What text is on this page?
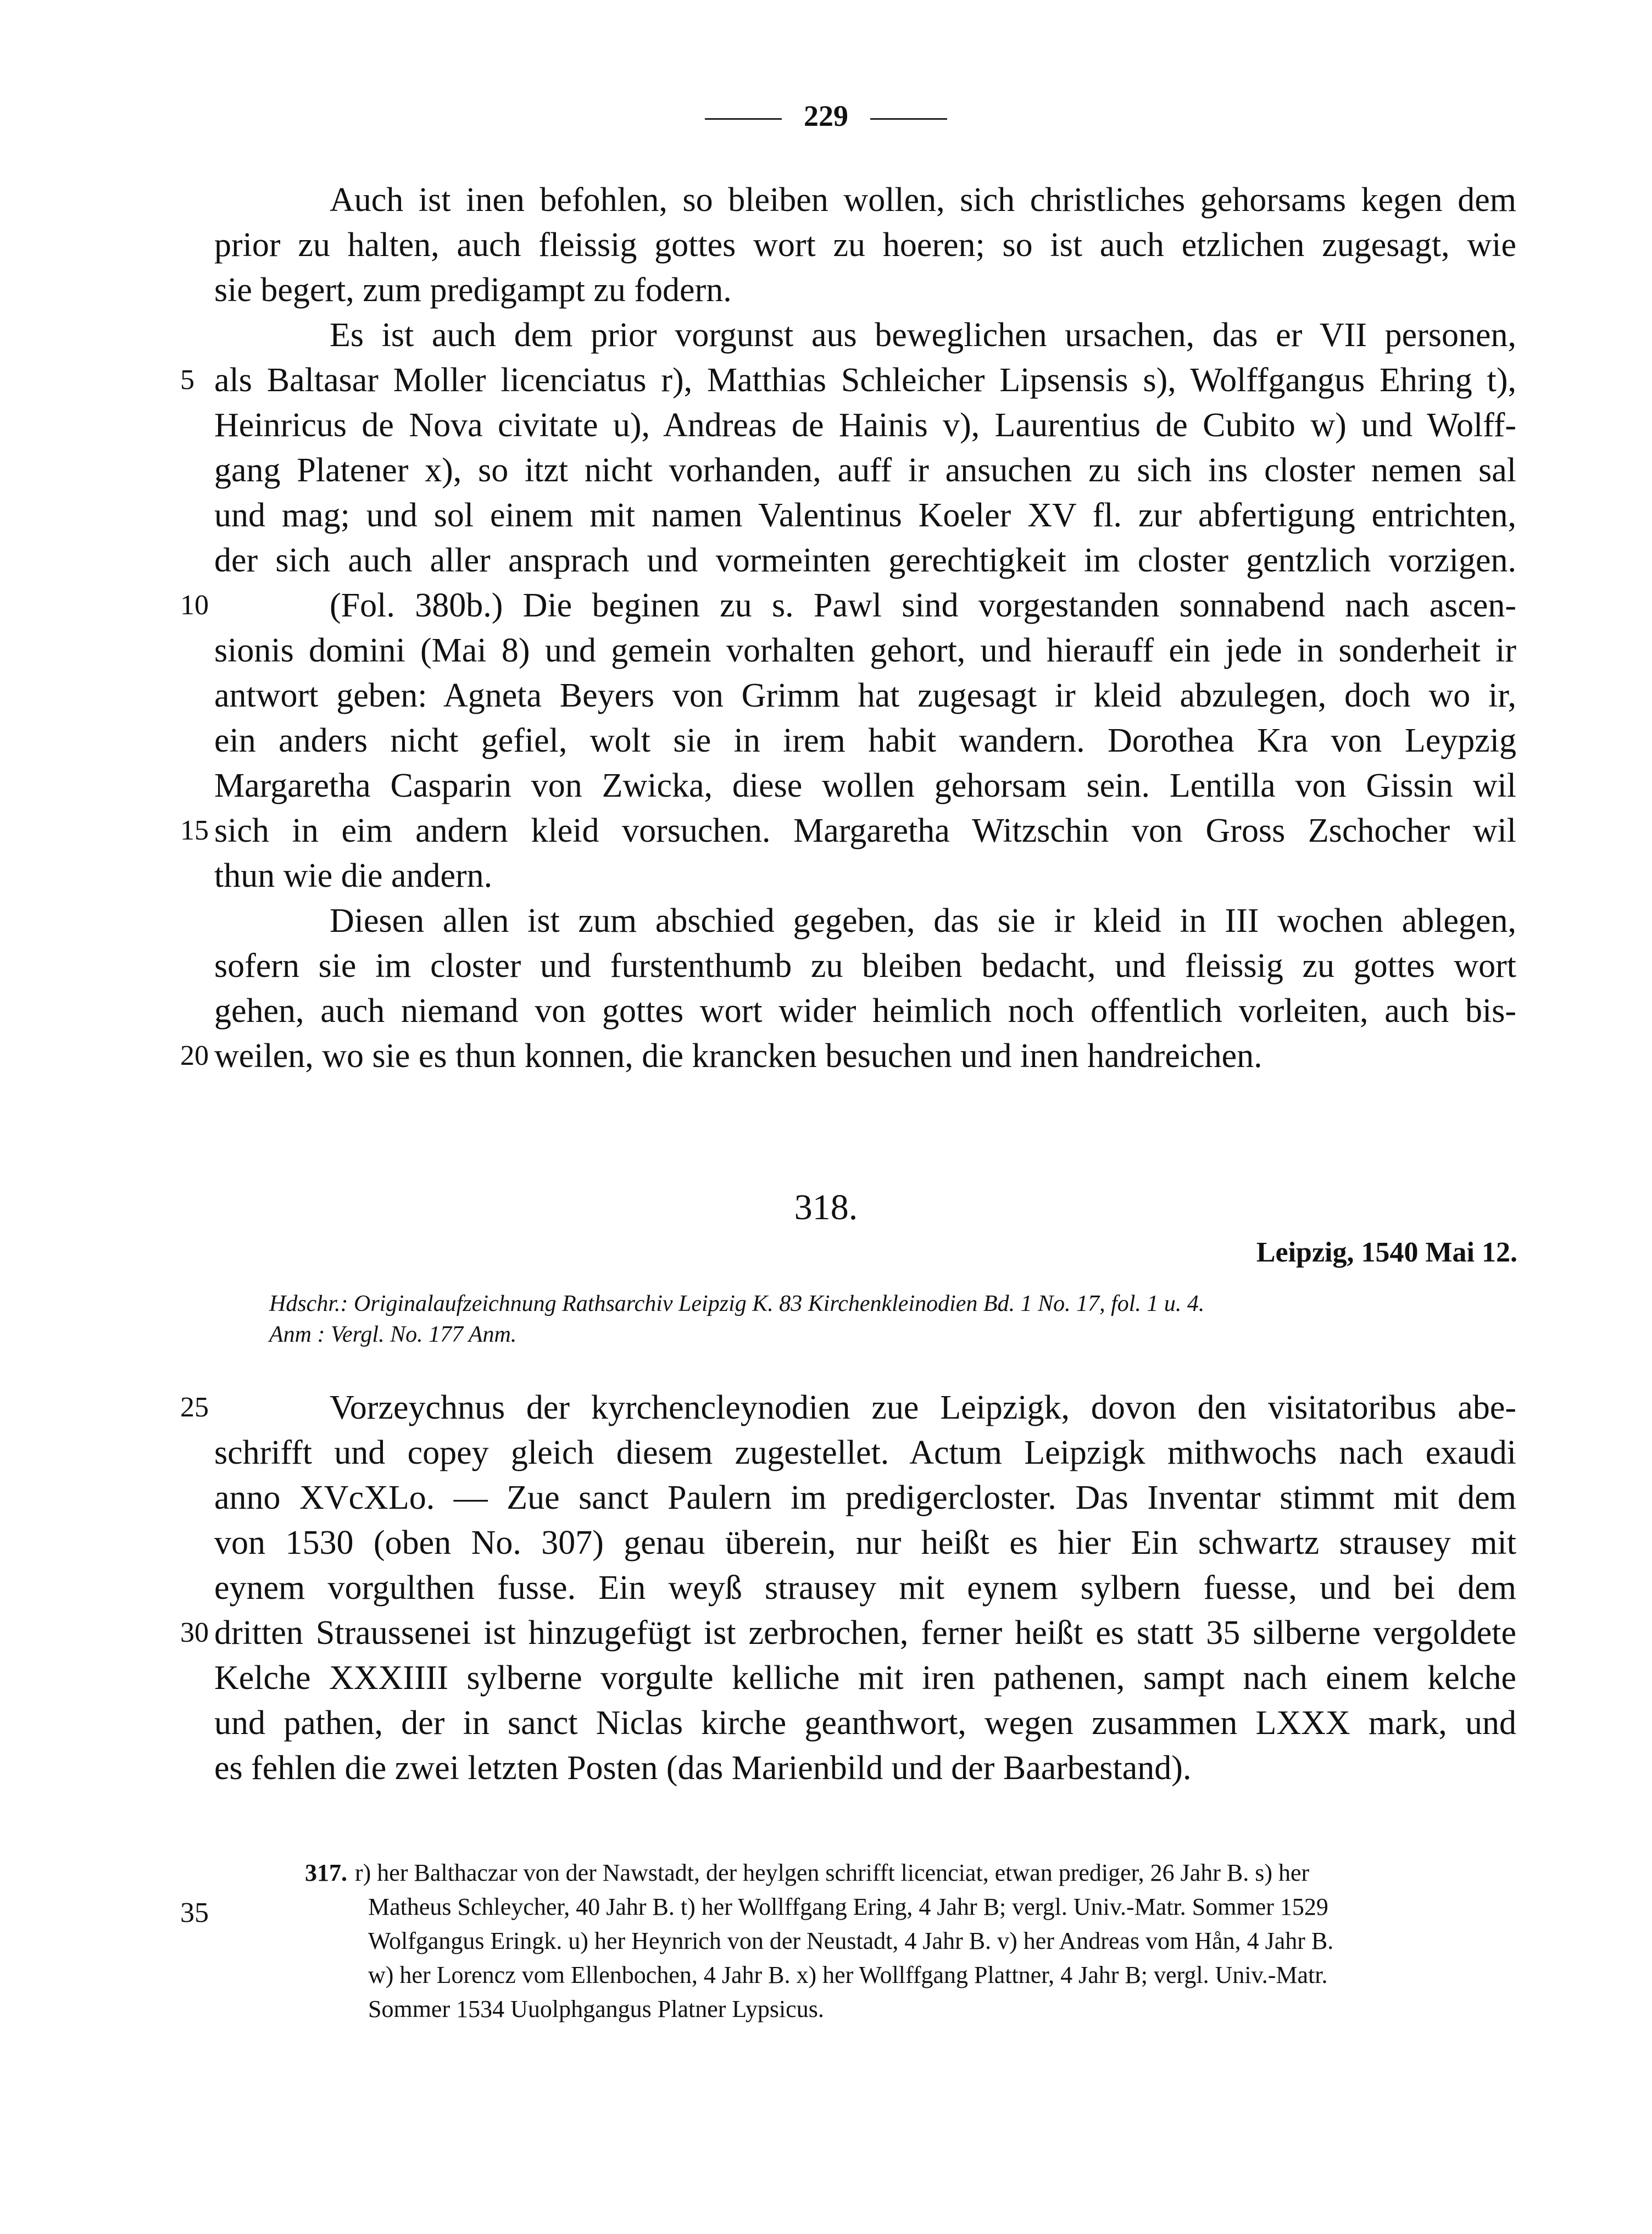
229
Auch ist inen befohlen, so bleiben wollen, sich christliches gehorsams kegen dem
prior zu halten, auch fleissig gottes wort zu hoeren; so ist auch etzlichen zugesagt, wie
sie begert, zum predigampt zu fodern.
Es ist auch dem prior vorgunst aus beweglichen ursachen, das er VII personen,
als Baltasar Moller licenciatus r), Matthias Schleicher Lipsensis s), Wolffgangus Ehring t),
Heinricus de Nova civitate u), Andreas de Hainis v), Laurentius de Cubito w) und Wolff-
gang Platener x), so itzt nicht vorhanden, auff ir ansuchen zu sich ins closter nemen sal
und mag; und sol einem mit namen Valentinus Koeler XV fl. zur abfertigung entrichten,
der sich auch aller ansprach und vormeinten gerechtigkeit im closter gentzlich vorzigen.
(Fol. 380b.) Die beginen zu s. Pawl sind vorgestanden sonnabend nach ascen-
sionis domini (Mai 8) und gemein vorhalten gehort, und hierauff ein jede in sonderheit ir
antwort geben: Agneta Beyers von Grimm hat zugesagt ir kleid abzulegen, doch wo ir,
ein anders nicht gefiel, wolt sie in irem habit wandern. Dorothea Kra von Leypzig
Margaretha Casparin von Zwicka, diese wollen gehorsam sein. Lentilla von Gissin wil
sich in eim andern kleid vorsuchen. Margaretha Witzschin von Gross Zschocher wil
thun wie die andern.
Diesen allen ist zum abschied gegeben, das sie ir kleid in III wochen ablegen,
sofern sie im closter und furstenthumb zu bleiben bedacht, und fleissig zu gottes wort
gehen, auch niemand von gottes wort wider heimlich noch offentlich vorleiten, auch bis-
weilen, wo sie es thun konnen, die krancken besuchen und inen handreichen.
5
10
15
20
25
30
35
318.
Leipzig, 1540 Mai 12.
Hdschr.: Originalaufzeichnung Rathsarchiv Leipzig K. 83 Kirchenkleinodien Bd. 1 No. 17, fol. 1 u. 4.
Anm : Vergl. No. 177 Anm.
Vorzeychnus der kyrchencleynodien zue Leipzigk, dovon den visitatoribus abe-
schrifft und copey gleich diesem zugestellet. Actum Leipzigk mithwochs nach exaudi
anno XVcXLo. — Zue sanct Paulern im predigercloster. Das Inventar stimmt mit dem
von 1530 (oben No. 307) genau überein, nur heißt es hier Ein schwartz strausey mit
eynem vorgulthen fusse. Ein weyß strausey mit eynem sylbern fuesse, und bei dem
dritten Straussenei ist hinzugefügt ist zerbrochen, ferner heißt es statt 35 silberne vergoldete
Kelche XXXIIII sylberne vorgulte kelliche mit iren pathenen, sampt nach einem kelche
und pathen, der in sanct Niclas kirche geanthwort, wegen zusammen LXXX mark, und
es fehlen die zwei letzten Posten (das Marienbild und der Baarbestand).
317. r) her Balthaczar von der Nawstadt, der heylgen schrifft licenciat, etwan prediger, 26 Jahr B. s) her
Matheus Schleycher, 40 Jahr B. t) her Wollffgang Ering, 4 Jahr B; vergl. Univ.-Matr. Sommer 1529
Wolfgangus Eringk. u) her Heynrich von der Neustadt, 4 Jahr B. v) her Andreas vom Hån, 4 Jahr B.
w) her Lorencz vom Ellenbochen, 4 Jahr B. x) her Wollffgang Plattner, 4 Jahr B; vergl. Univ.-Matr.
Sommer 1534 Uuolphgangus Platner Lypsicus.
